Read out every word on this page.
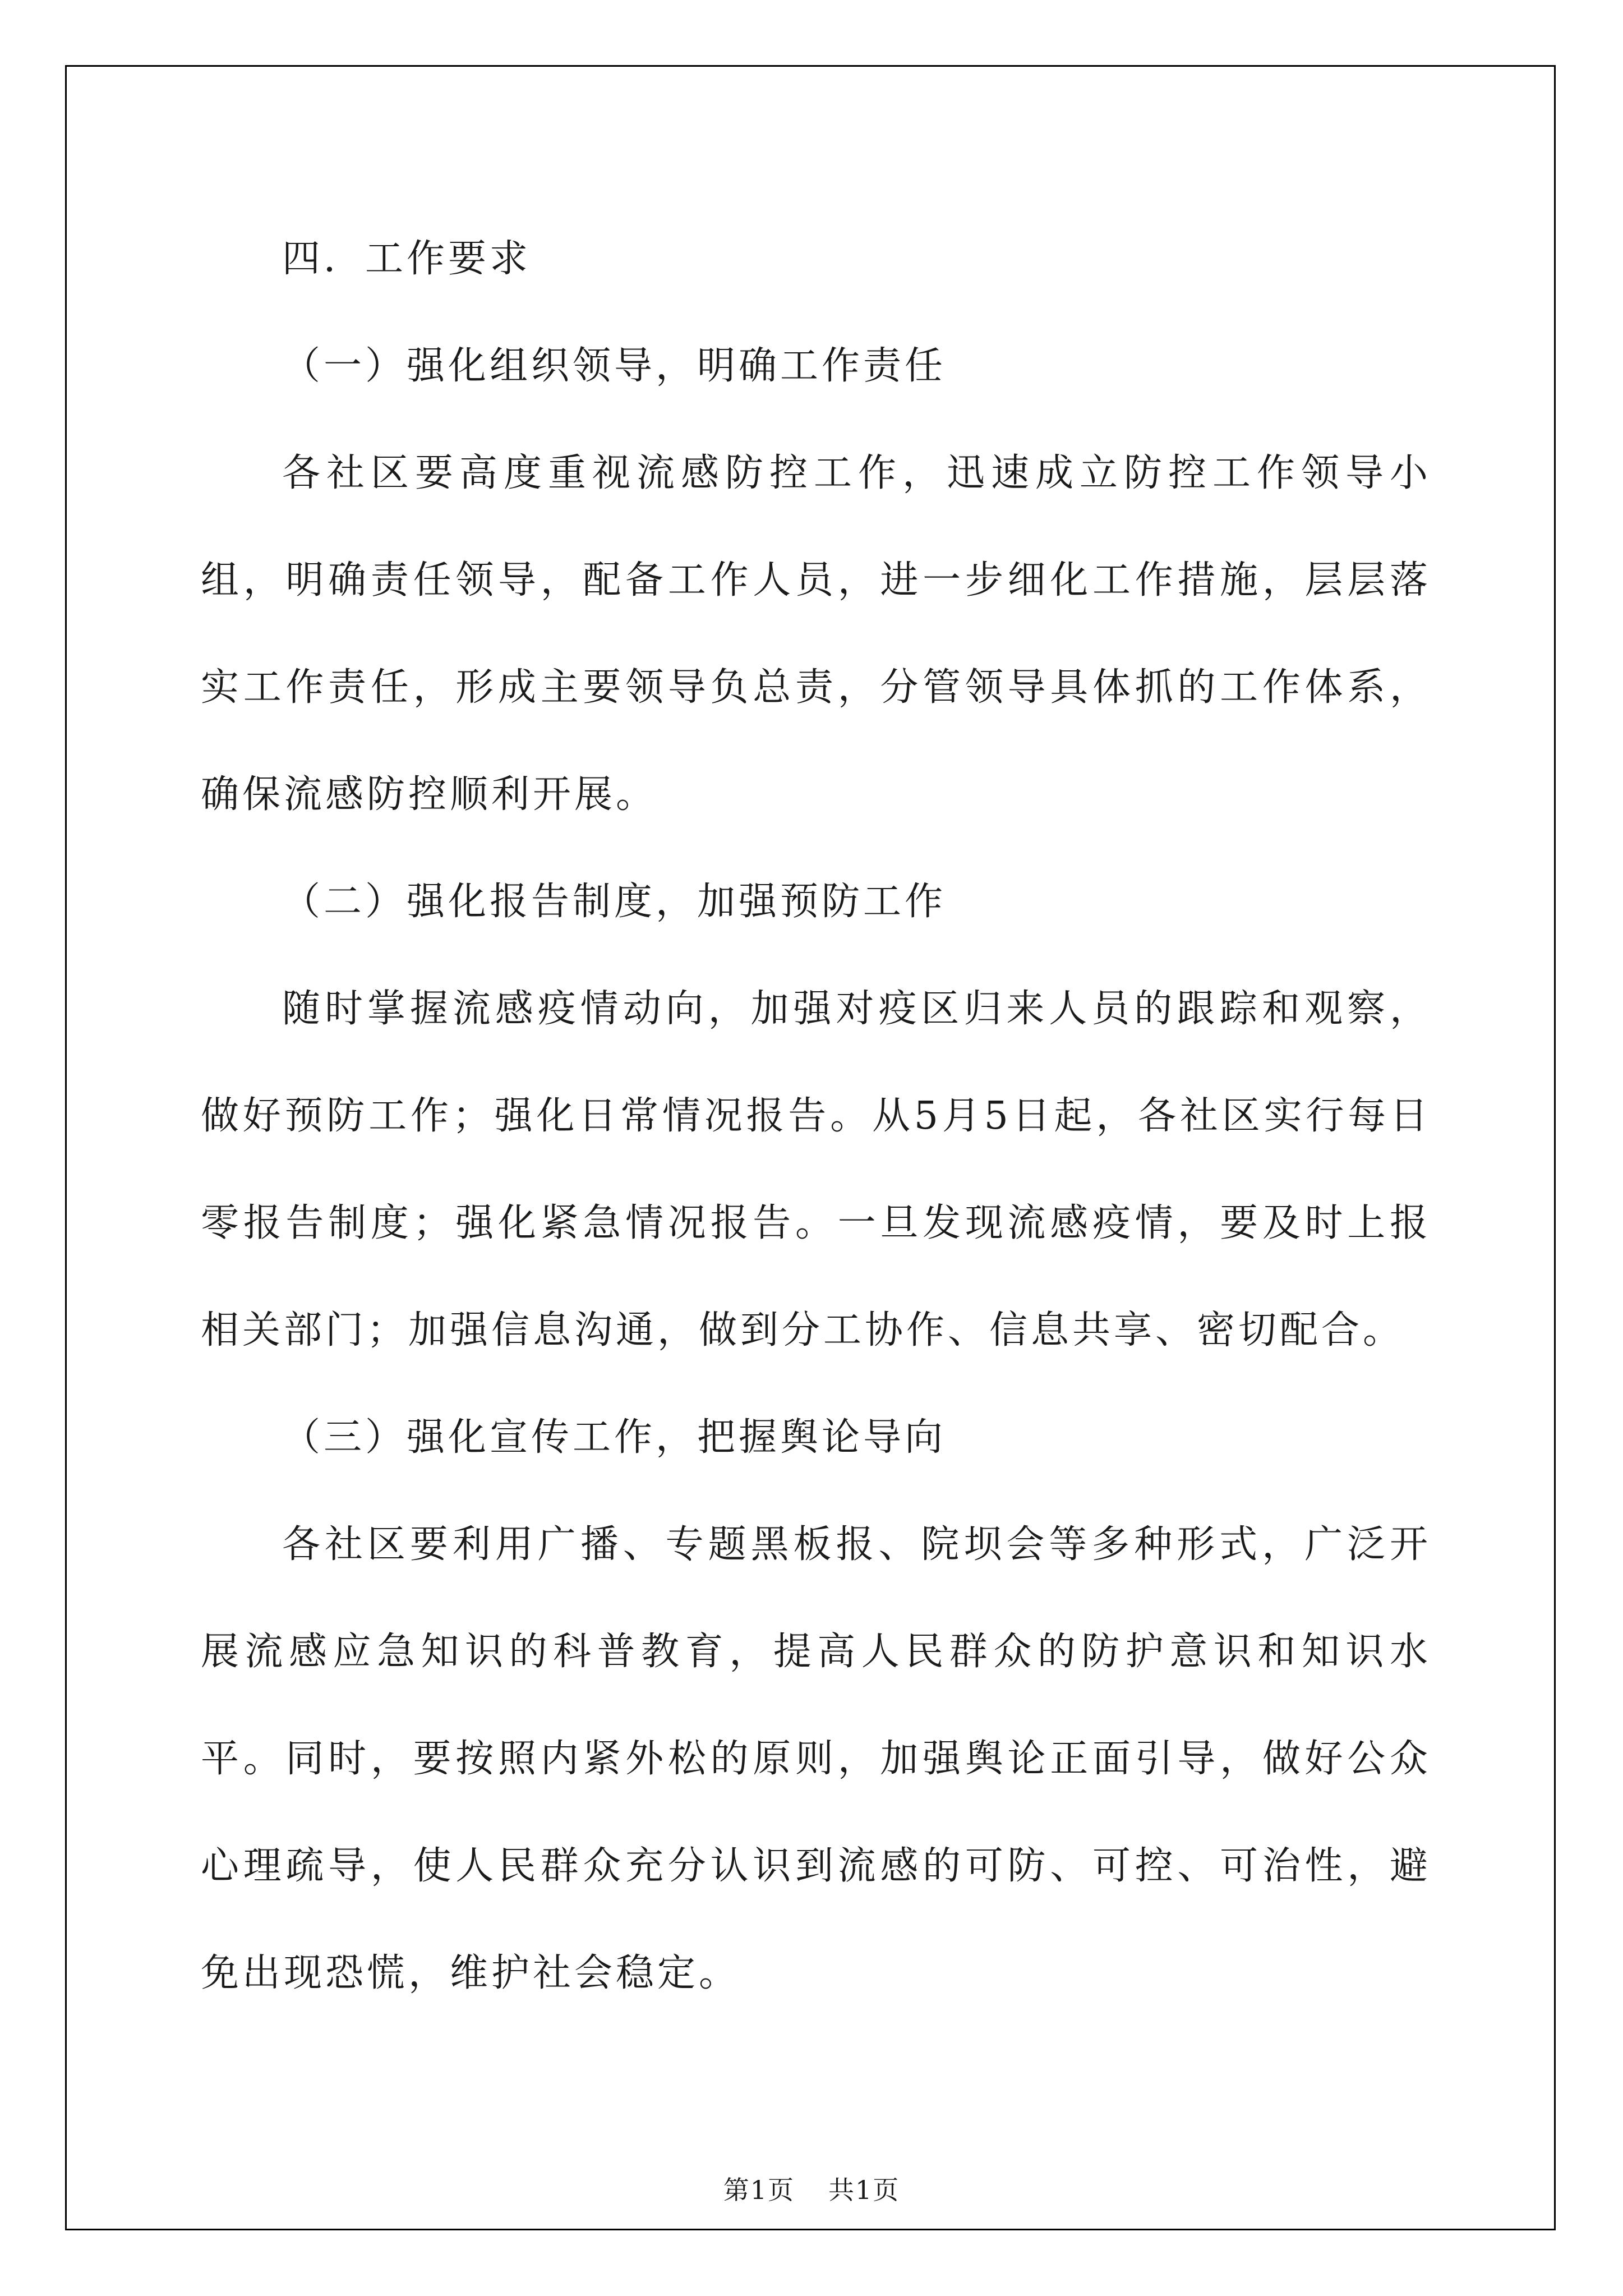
四．工作要求
（一）强化组织领导，明确工作责任

各社区要高度重视流感防控工作，迅速成立防控工作领导小组，明确责任领导，配备工作人员，进一步细化工作措施，层层落实工作责任，形成主要领导负总责，分管领导具体抓的工作体系，确保流感防控顺利开展。

（二）强化报告制度，加强预防工作

随时掌握流感疫情动向，加强对疫区归来人员的跟踪和观察，做好预防工作；强化日常情况报告。从5月5日起，各社区实行每日零报告制度；强化紧急情况报告。一旦发现流感疫情，要及时上报相关部门；加强信息沟通，做到分工协作、信息共享、密切配合。

（三）强化宣传工作，把握舆论导向

各社区要利用广播、专题黑板报、院坝会等多种形式，广泛开展流感应急知识的科普教育，提高人民群众的防护意识和知识水平。同时，要按照内紧外松的原则，加强舆论正面引导，做好公众心理疏导，使人民群众充分认识到流感的可防、可控、可治性，避免出现恐慌，维护社会稳定。

第1页 共1页
